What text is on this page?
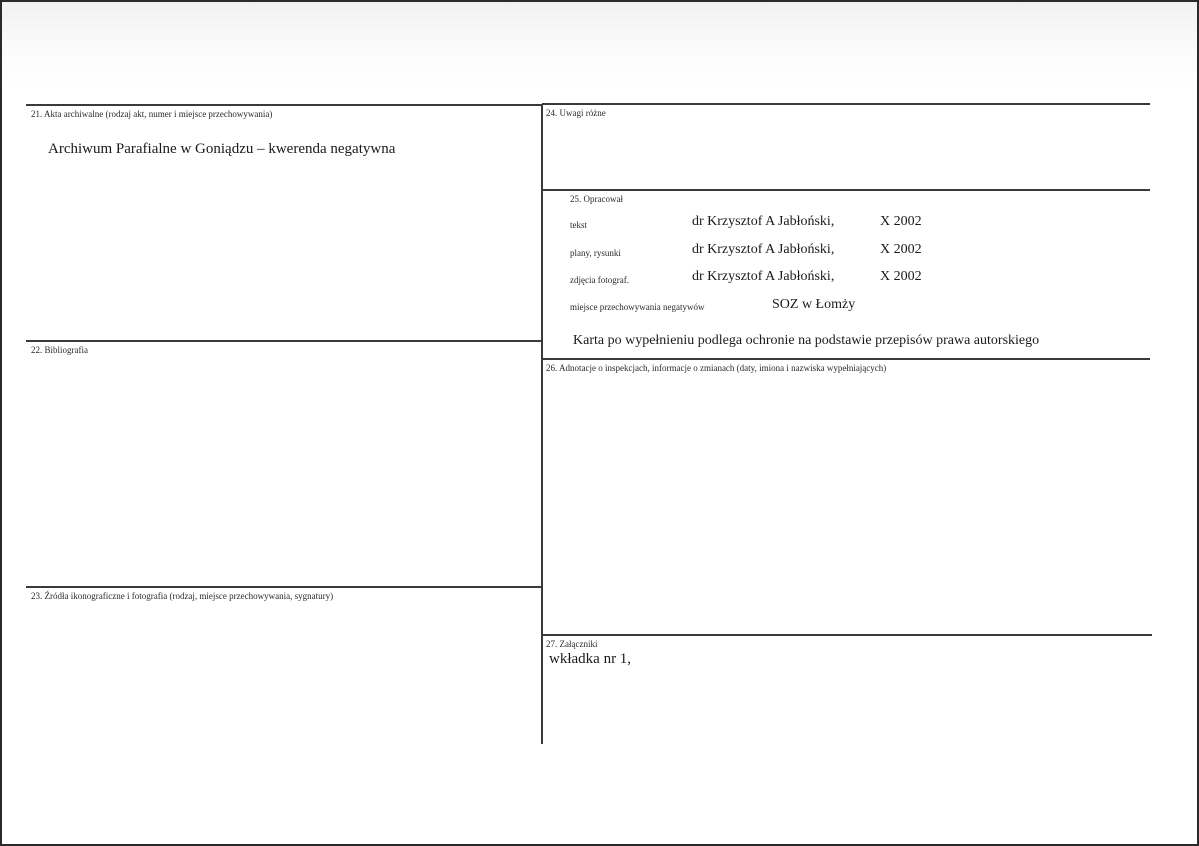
21. Akta archiwalne (rodzaj akt, numer i miejsce przechowywania)
Archiwum Parafialne w Goniądzu – kwerenda negatywna
22. Bibliografia
23. Źródła ikonograficzne i fotografia (rodzaj, miejsce przechowywania, sygnatury)
24. Uwagi różne
25. Opracował
tekst	dr Krzysztof A Jabłoński,	X 2002
plany, rysunki	dr Krzysztof A Jabłoński,	X 2002
zdjęcia fotograf.	dr Krzysztof A Jabłoński,	X 2002
miejsce przechowywania negatywów	SOZ w Łomży
Karta po wypełnieniu podlega ochronie na podstawie przepisów prawa autorskiego
26. Adnotacje o inspekcjach, informacje o zmianach (daty, imiona i nazwiska wypełniających)
27. Załączniki
wkładka nr 1,
